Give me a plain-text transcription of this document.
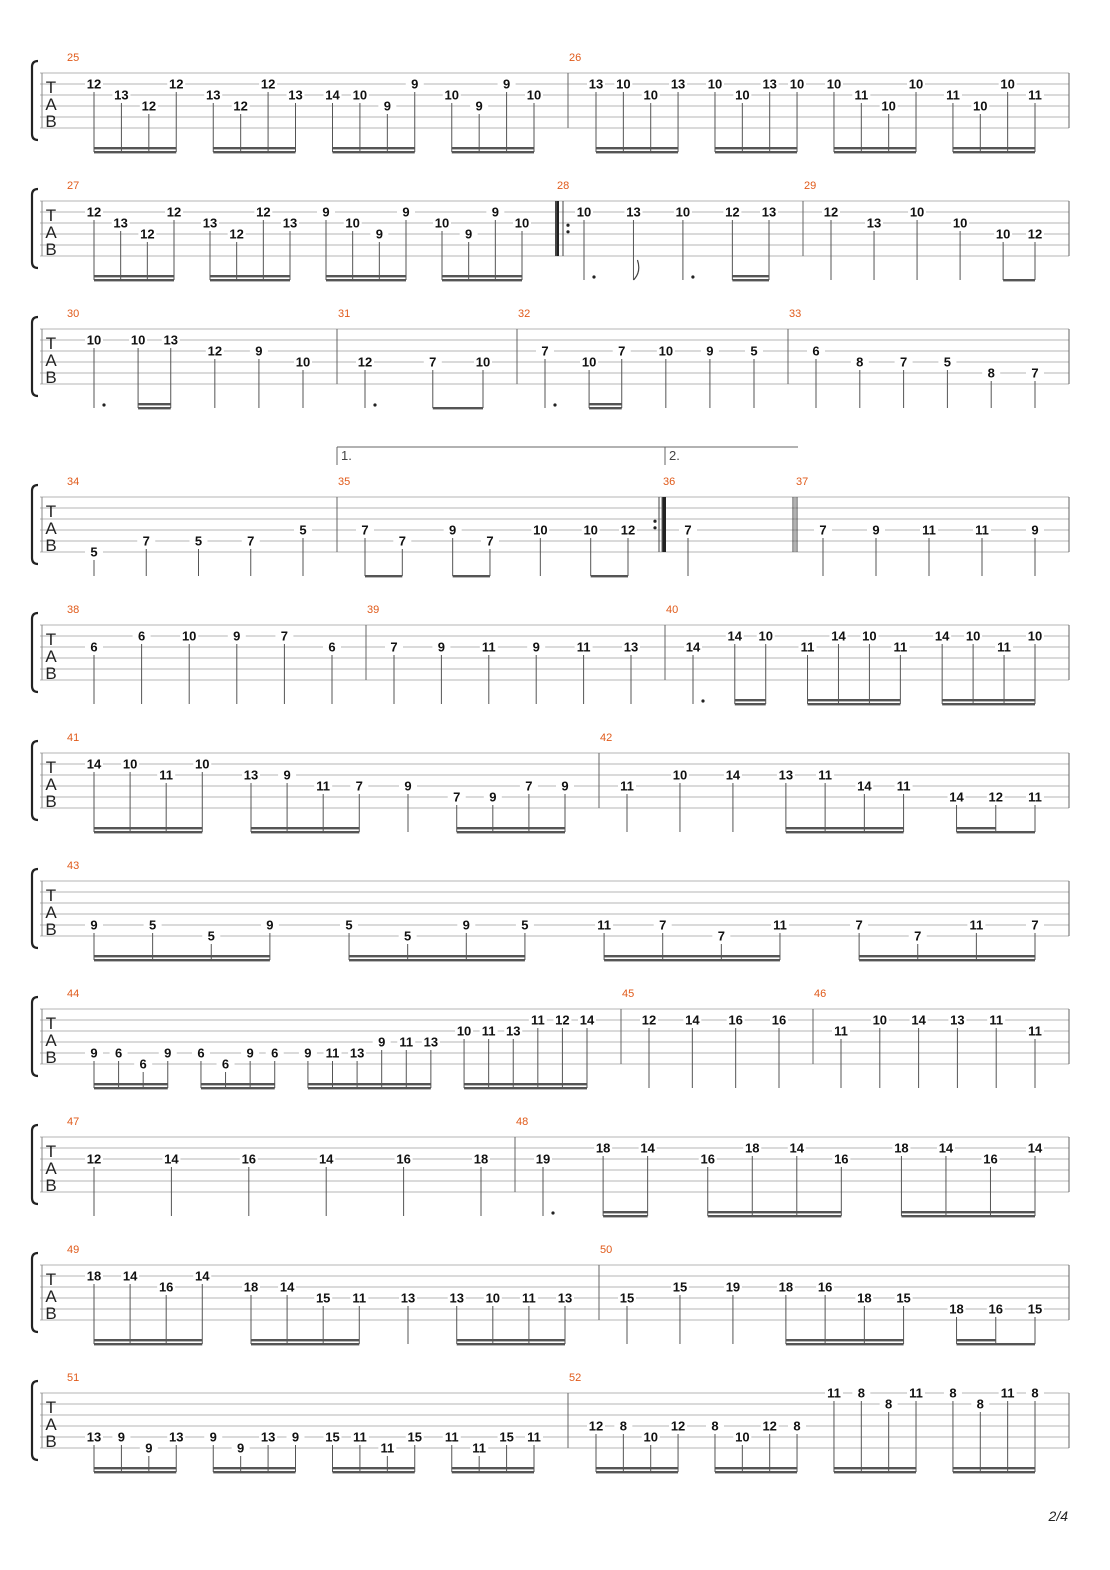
T
A
B
25
12
13
12
12
13
12
12
13 14 10
9
9
10
9
9
10
26
13 10
10
13 10
10
13 10 10
11
10
10
11
10
10
11
T
A
B
27
12
13
12
12
13
12
12
13
9
10
9
9
10
9
9
10
28
10	13	10	12 13
29
12
13
10
10
10 12
T
A
B
30
10 10 13
12	9
10
31
12	7	10
32
7
10
7	10	9	5
33
6
8	7	5
8	7
T
A
B
34
5
7	5	7
5
35
7
7
9
7
10	10 12
36
7
37
7	9	11	11	9
T
A
B
38
6
6	10	9	7
6
39
7	9	11	9	11	13
40
14
14 10
11
14 10
11
14 10
11
10
T
A
B
41
14 10
11
10
13 9
11 7	9
7 9
7 9
42
11
10	14	13 11
14 11
14 12 11
T
A
B
43
9	5
5
9	5
5
9	5	11	7
7
11	7
7
11	7
T
A
B
44
9 6
6
9 6
6
9 6 9 11 13
9 11 13
10 11 13
11 12 14
45
12 14 16 16
46
11
10 14 13 11
11
T
A
B
47
12	14	16	14	16	18
48
19
18 14
16
18 14
16
18 14
16
14
T
A
B
49
18 14
16
14
18 14
15 11	13	13 10 11 13
50
15
15	19	18 16
18 15
18 16 15
T
A
B
51
13 9
9
13 9
9
13 9 15 11
11
15 11
11
15 11
52
12 8
10
12 8
10
12 8
11 8
8
11 8
8
11 8
1.	2.
2/4
